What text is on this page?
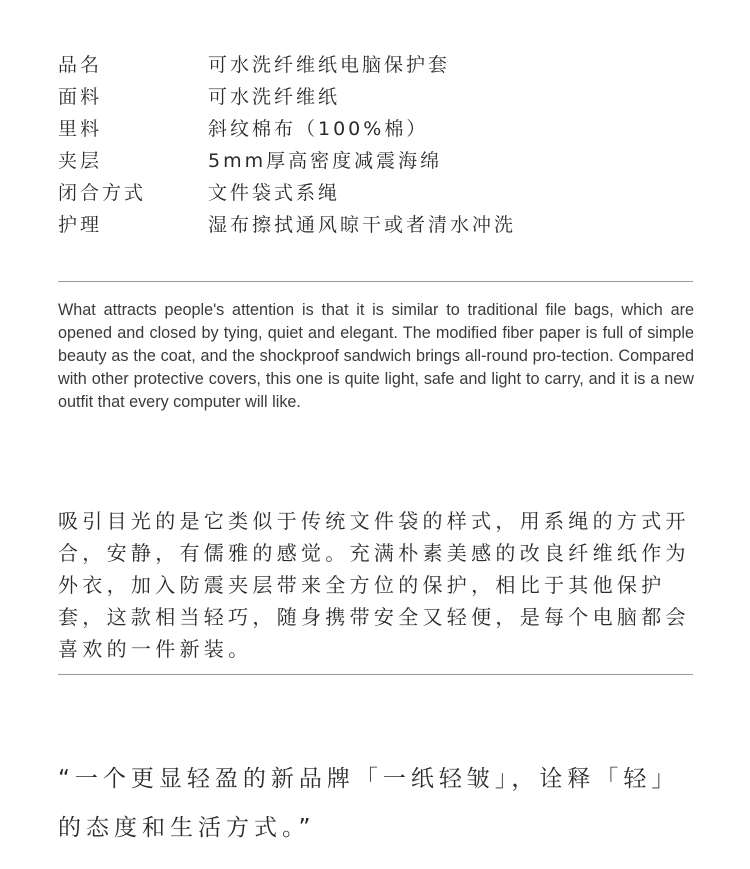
品名	可水洗纤维纸电脑保护套
面料	可水洗纤维纸
里料	斜纹棉布（100%棉）
夹层	5mm厚高密度减震海绵
闭合方式	文件袋式系绳
护理	湿布擦拭通风晾干或者清水冲洗

What attracts people's attention is that it is similar to traditional file bags, which are opened and closed by tying, quiet and elegant. The modified fiber paper is full of simple beauty as the coat, and the shockproof sandwich brings all-round pro-tection. Compared with other protective covers, this one is quite light, safe and light to carry, and it is a new outfit that every computer will like.

吸引目光的是它类似于传统文件袋的样式，用系绳的方式开合，安静，有儒雅的感觉。充满朴素美感的改良纤维纸作为外衣，加入防震夹层带来全方位的保护，相比于其他保护套，这款相当轻巧，随身携带安全又轻便，是每个电脑都会喜欢的一件新装。

“一个更显轻盈的新品牌「一纸轻皱」，诠释「轻」
的态度和生活方式。”
